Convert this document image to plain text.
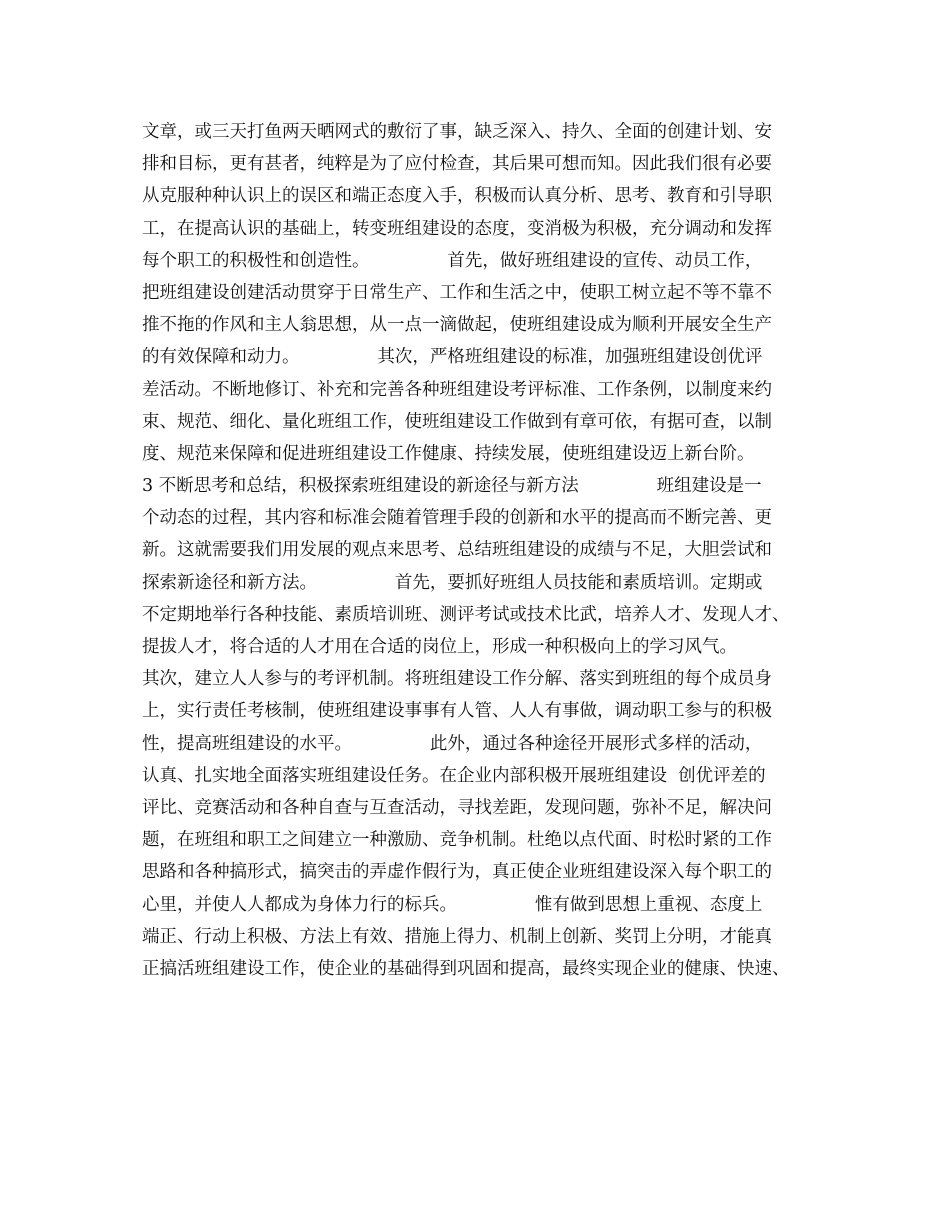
文章，或三天打鱼两天晒网式的敷衍了事，缺乏深入、持久、全面的创建计划、安
排和目标，更有甚者，纯粹是为了应付检查，其后果可想而知。因此我们很有必要
从克服种种认识上的误区和端正态度入手，积极而认真分析、思考、教育和引导职
工，在提高认识的基础上，转变班组建设的态度，变消极为积极，充分调动和发挥
每个职工的积极性和创造性。              首先，做好班组建设的宣传、动员工作，
把班组建设创建活动贯穿于日常生产、工作和生活之中，使职工树立起不等不靠不
推不拖的作风和主人翁思想，从一点一滴做起，使班组建设成为顺利开展安全生产
的有效保障和动力。              其次，严格班组建设的标准，加强班组建设创优评
差活动。不断地修订、补充和完善各种班组建设考评标准、工作条例，以制度来约
束、规范、细化、量化班组工作，使班组建设工作做到有章可依，有据可查，以制
度、规范来保障和促进班组建设工作健康、持续发展，使班组建设迈上新台阶。
3 不断思考和总结，积极探索班组建设的新途径与新方法              班组建设是一
个动态的过程，其内容和标准会随着管理手段的创新和水平的提高而不断完善、更
新。这就需要我们用发展的观点来思考、总结班组建设的成绩与不足，大胆尝试和
探索新途径和新方法。              首先，要抓好班组人员技能和素质培训。定期或
不定期地举行各种技能、素质培训班、测评考试或技术比武，培养人才、发现人才、
提拔人才，将合适的人才用在合适的岗位上，形成一种积极向上的学习风气。
其次，建立人人参与的考评机制。将班组建设工作分解、落实到班组的每个成员身
上，实行责任考核制，使班组建设事事有人管、人人有事做，调动职工参与的积极
性，提高班组建设的水平。              此外，通过各种途径开展形式多样的活动，
认真、扎实地全面落实班组建设任务。在企业内部积极开展班组建设  创优评差的
评比、竞赛活动和各种自查与互查活动，寻找差距，发现问题，弥补不足，解决问
题，在班组和职工之间建立一种激励、竞争机制。杜绝以点代面、时松时紧的工作
思路和各种搞形式，搞突击的弄虚作假行为，真正使企业班组建设深入每个职工的
心里，并使人人都成为身体力行的标兵。              惟有做到思想上重视、态度上
端正、行动上积极、方法上有效、措施上得力、机制上创新、奖罚上分明，才能真
正搞活班组建设工作，使企业的基础得到巩固和提高，最终实现企业的健康、快速、
